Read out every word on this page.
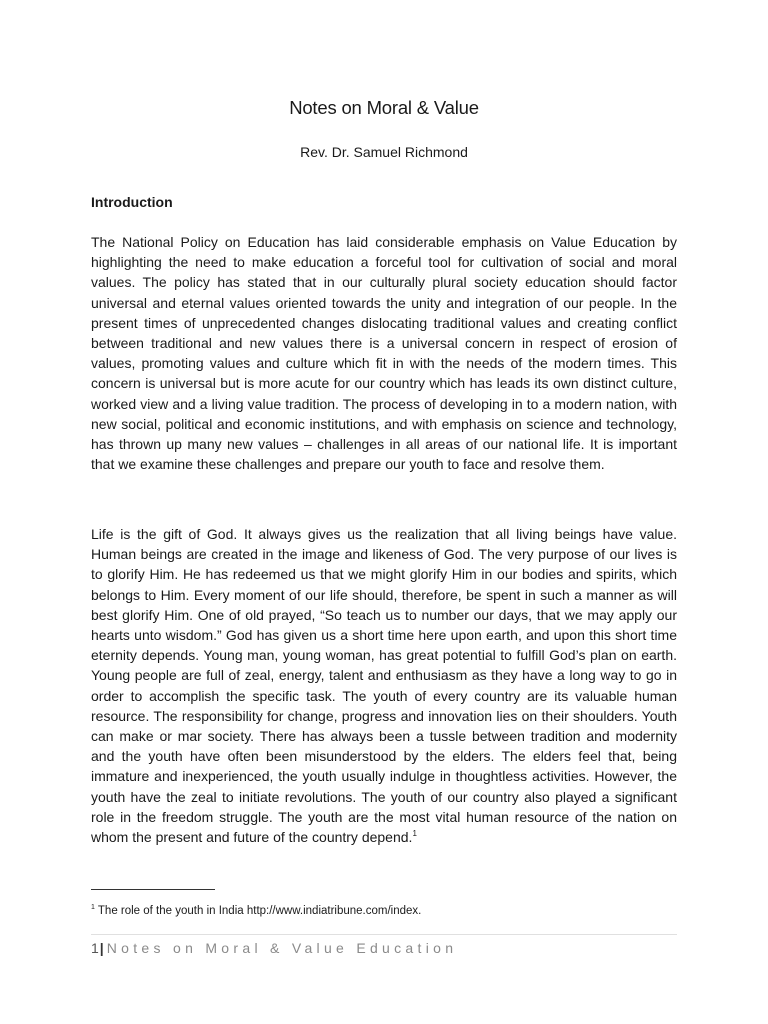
Notes on Moral & Value
Rev. Dr. Samuel Richmond
Introduction

The National Policy on Education has laid considerable emphasis on Value Education by highlighting the need to make education a forceful tool for cultivation of social and moral values. The policy has stated that in our culturally plural society education should factor universal and eternal values oriented towards the unity and integration of our people. In the present times of unprecedented changes dislocating traditional values and creating conflict between traditional and new values there is a universal concern in respect of erosion of values, promoting values and culture which fit in with the needs of the modern times. This concern is universal but is more acute for our country which has leads its own distinct culture, worked view and a living value tradition. The process of developing in to a modern nation, with new social, political and economic institutions, and with emphasis on science and technology, has thrown up many new values – challenges in all areas of our national life. It is important that we examine these challenges and prepare our youth to face and resolve them.

Life is the gift of God. It always gives us the realization that all living beings have value. Human beings are created in the image and likeness of God. The very purpose of our lives is to glorify Him. He has redeemed us that we might glorify Him in our bodies and spirits, which belongs to Him. Every moment of our life should, therefore, be spent in such a manner as will best glorify Him. One of old prayed, “So teach us to number our days, that we may apply our hearts unto wisdom.” God has given us a short time here upon earth, and upon this short time eternity depends. Young man, young woman, has great potential to fulfill God’s plan on earth. Young people are full of zeal, energy, talent and enthusiasm as they have a long way to go in order to accomplish the specific task. The youth of every country are its valuable human resource. The responsibility for change, progress and innovation lies on their shoulders. Youth can make or mar society. There has always been a tussle between tradition and modernity and the youth have often been misunderstood by the elders. The elders feel that, being immature and inexperienced, the youth usually indulge in thoughtless activities. However, the youth have the zeal to initiate revolutions. The youth of our country also played a significant role in the freedom struggle. The youth are the most vital human resource of the nation on whom the present and future of the country depend.$^1$

$^1$ The role of the youth in India http://www.indiatribune.com/index.
1| Notes on Moral & Value Education
